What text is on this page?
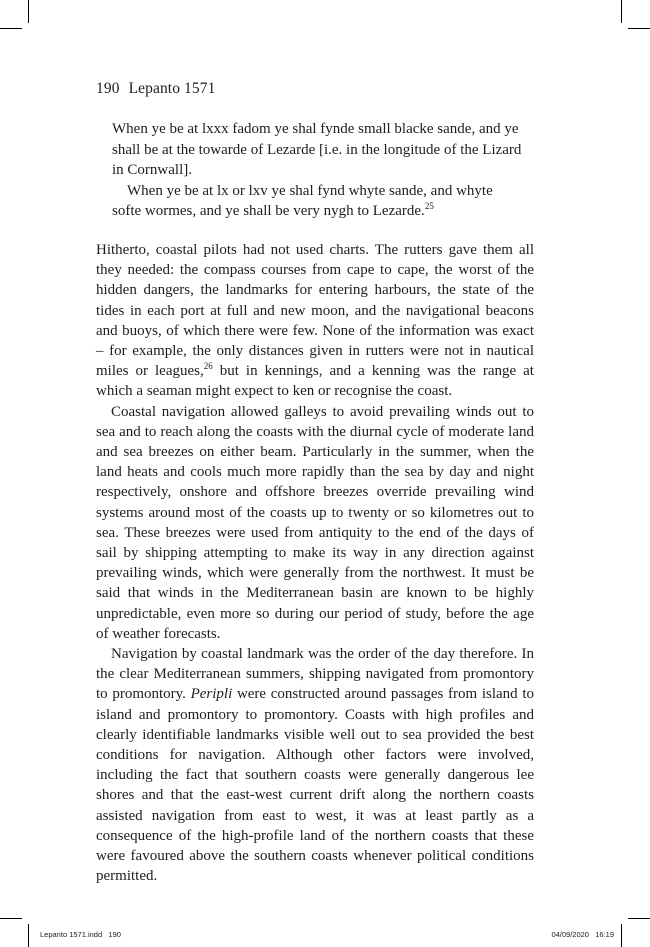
190 Lepanto 1571

When ye be at lxxx fadom ye shal fynde small blacke sande, and ye shall be at the towarde of Lezarde [i.e. in the longitude of the Lizard in Cornwall].

When ye be at lx or lxv ye shal fynd whyte sande, and whyte softe wormes, and ye shall be very nygh to Lezarde.$^{25}$

Hitherto, coastal pilots had not used charts. The rutters gave them all they needed: the compass courses from cape to cape, the worst of the hidden dangers, the landmarks for entering harbours, the state of the tides in each port at full and new moon, and the navigational beacons and buoys, of which there were few. None of the information was exact – for example, the only distances given in rutters were not in nautical miles or leagues,$^{26}$ but in kennings, and a kenning was the range at which a seaman might expect to ken or recognise the coast.

Coastal navigation allowed galleys to avoid prevailing winds out to sea and to reach along the coasts with the diurnal cycle of moderate land and sea breezes on either beam. Particularly in the summer, when the land heats and cools much more rapidly than the sea by day and night respectively, onshore and offshore breezes override prevailing wind systems around most of the coasts up to twenty or so kilometres out to sea. These breezes were used from antiquity to the end of the days of sail by shipping attempting to make its way in any direction against prevailing winds, which were generally from the northwest. It must be said that winds in the Mediterranean basin are known to be highly unpredictable, even more so during our period of study, before the age of weather forecasts.

Navigation by coastal landmark was the order of the day therefore. In the clear Mediterranean summers, shipping navigated from promontory to promontory. Peripli were constructed around passages from island to island and promontory to promontory. Coasts with high profiles and clearly identifiable landmarks visible well out to sea provided the best conditions for navigation. Although other factors were involved, including the fact that southern coasts were generally dangerous lee shores and that the east-west current drift along the northern coasts assisted navigation from east to west, it was at least partly as a consequence of the high-profile land of the northern coasts that these were favoured above the southern coasts whenever political conditions permitted.

Lepanto 1571.indd   190	04/09/2020   16:19
